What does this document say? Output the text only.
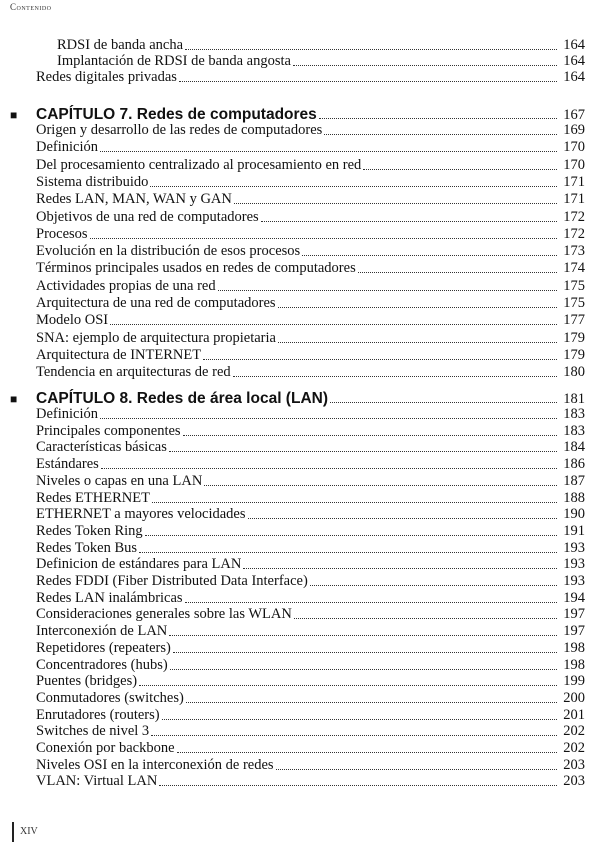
Contenido
RDSI de banda ancha	164
Implantación de RDSI de banda angosta	164
Redes digitales privadas	164
■	CAPÍTULO 7. Redes de computadores	167
Origen y desarrollo de las redes de computadores	169
Definición	170
Del procesamiento centralizado al procesamiento en red	170
Sistema distribuido	171
Redes LAN, MAN, WAN y GAN	171
Objetivos de una red de computadores	172
Procesos	172
Evolución en la distribución de esos procesos	173
Términos principales usados en redes de computadores	174
Actividades propias de una red	175
Arquitectura de una red de computadores	175
Modelo OSI	177
SNA: ejemplo de arquitectura propietaria	179
Arquitectura de INTERNET	179
Tendencia en arquitecturas de red	180
■	CAPÍTULO 8. Redes de área local (LAN)	181
Definición	183
Principales componentes	183
Características básicas	184
Estándares	186
Niveles o capas en una LAN	187
Redes ETHERNET	188
ETHERNET a mayores velocidades	190
Redes Token Ring	191
Redes Token Bus	193
Definicion de estándares para LAN	193
Redes FDDI (Fiber Distributed Data Interface)	193
Redes LAN inalámbricas	194
Consideraciones generales sobre las WLAN	197
Interconexión de LAN	197
Repetidores (repeaters)	198
Concentradores (hubs)	198
Puentes (bridges)	199
Conmutadores (switches)	200
Enrutadores (routers)	201
Switches de nivel 3	202
Conexión por backbone	202
Niveles OSI en la interconexión de redes	203
VLAN: Virtual LAN	203
XIV
